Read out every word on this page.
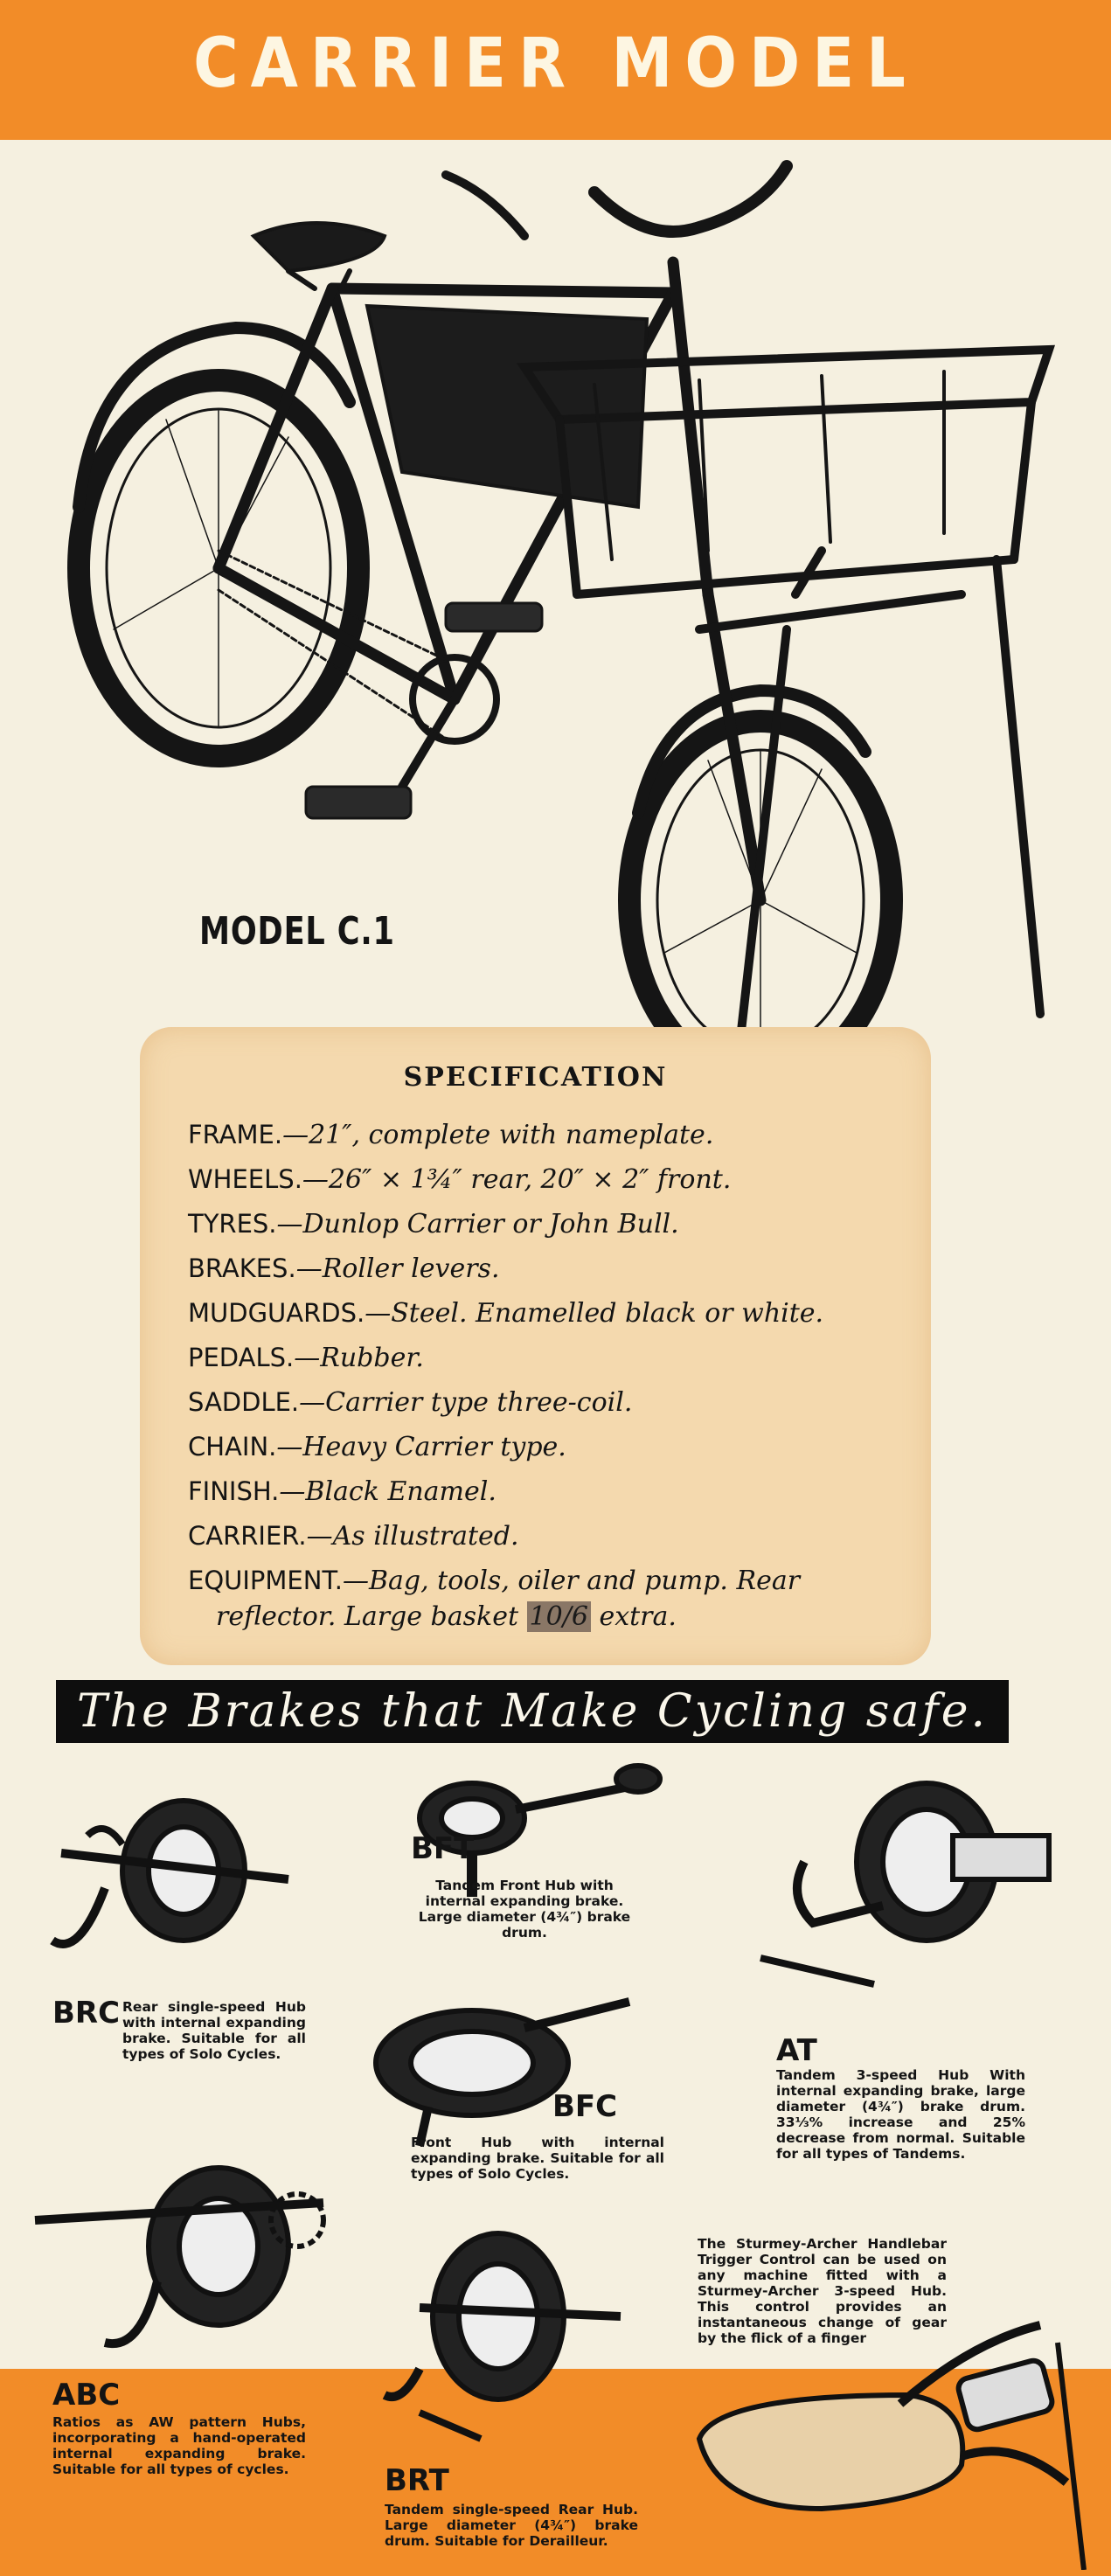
CARRIER MODEL
MODEL C.1
SPECIFICATION
FRAME.—21″, complete with nameplate.
WHEELS.—26″ × 1¾″ rear, 20″ × 2″ front.
TYRES.—Dunlop Carrier or John Bull.
BRAKES.—Roller levers.
MUDGUARDS.—Steel. Enamelled black or white.
PEDALS.—Rubber.
SADDLE.—Carrier type three-coil.
CHAIN.—Heavy Carrier type.
FINISH.—Black Enamel.
CARRIER.—As illustrated.
EQUIPMENT.—Bag, tools, oiler and pump. Rear
reflector. Large basket 10/6 extra.
The Brakes that Make Cycling safe.
BFT
Tandem Front Hub with internal expanding brake. Large diameter (4¾″) brake drum.
BRC Rear single-speed Hub with internal expanding brake. Suitable for all types of Solo Cycles.	AT
Tandem 3-speed Hub With internal expanding brake, large diameter (4¾″) brake drum. 33⅓% increase and 25% decrease from normal. Suitable for all types of Tandems.
BFC
Front Hub with internal expanding brake. Suitable for all types of Solo Cycles.
The Sturmey-Archer Handlebar Trigger Control can be used on any machine fitted with a Sturmey-Archer 3-speed Hub. This control provides an instantaneous change of gear by the flick of a finger
ABC
Ratios as AW pattern Hubs, incorporating a hand-operated internal expanding brake. Suitable for all types of cycles.	BRT
Tandem single-speed Rear Hub. Large diameter (4¾″) brake drum. Suitable for Derailleur.
